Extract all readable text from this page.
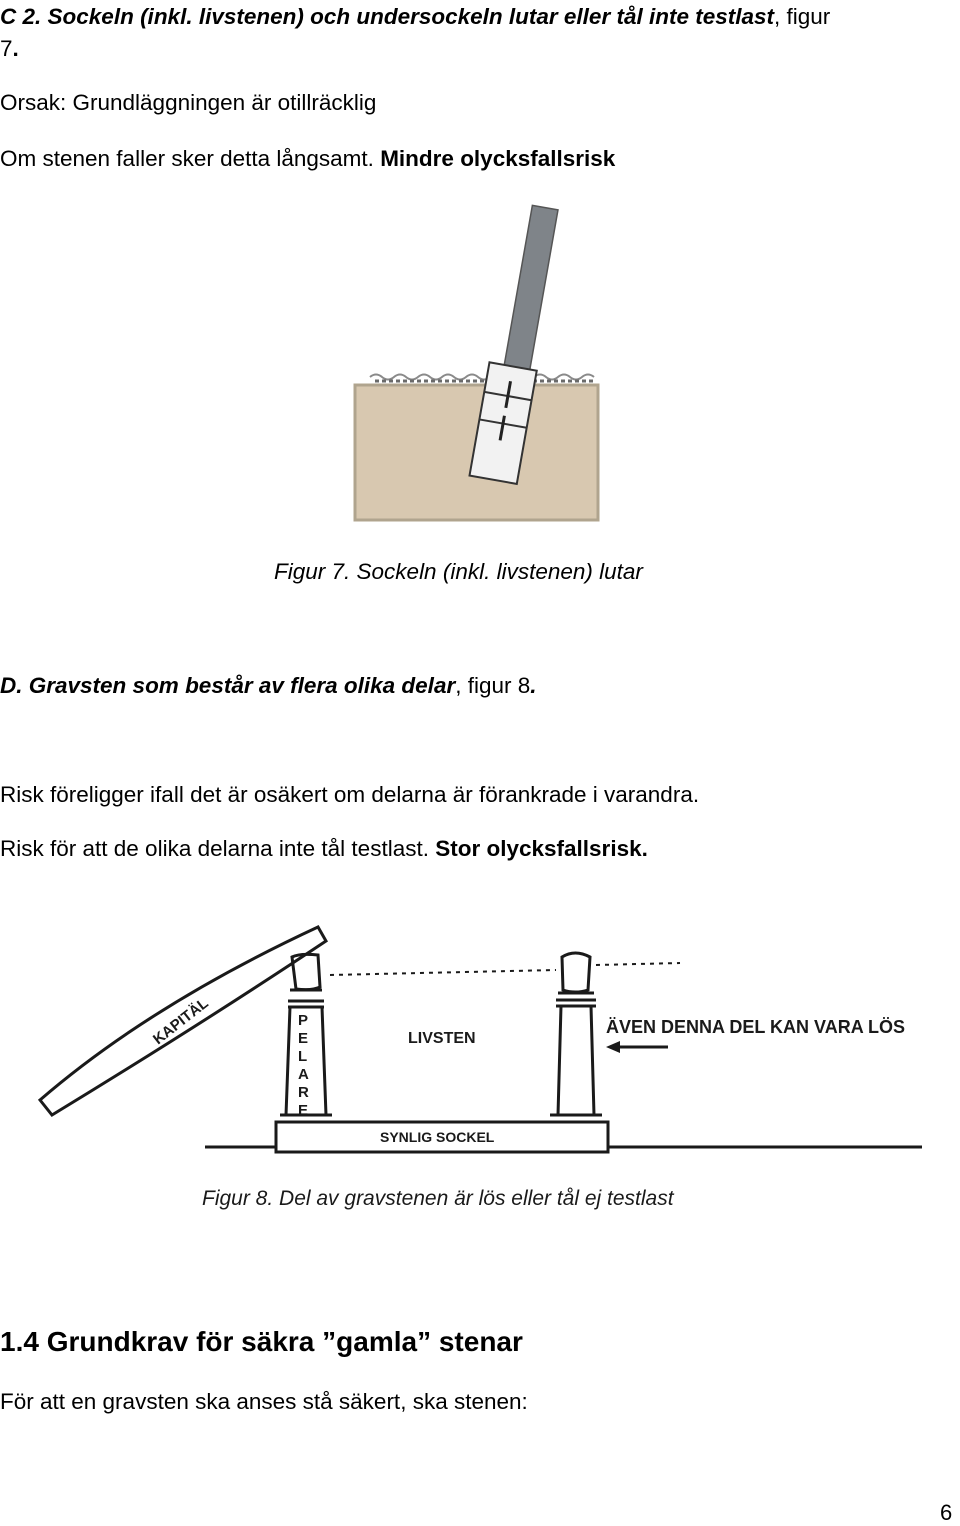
C 2. Sockeln (inkl. livstenen) och undersockeln lutar eller tål inte testlast, figur
7.
Orsak: Grundläggningen är otillräcklig
Om stenen faller sker detta långsamt. Mindre olycksfallsrisk
Figur 7. Sockeln (inkl. livstenen) lutar
D. Gravsten som består av flera olika delar, figur 8.
Risk föreligger ifall det är osäkert om delarna är förankrade i varandra.
Risk för att de olika delarna inte tål testlast. Stor olycksfallsrisk.
KAPITÄL	P
E
L
A
R
E
LIVSTEN
SYNLIG SOCKEL
ÄVEN DENNA DEL KAN VARA LÖS
Figur 8. Del av gravstenen är lös eller tål ej testlast
1.4 Grundkrav för säkra ”gamla” stenar
För att en gravsten ska anses stå säkert, ska stenen:
6
